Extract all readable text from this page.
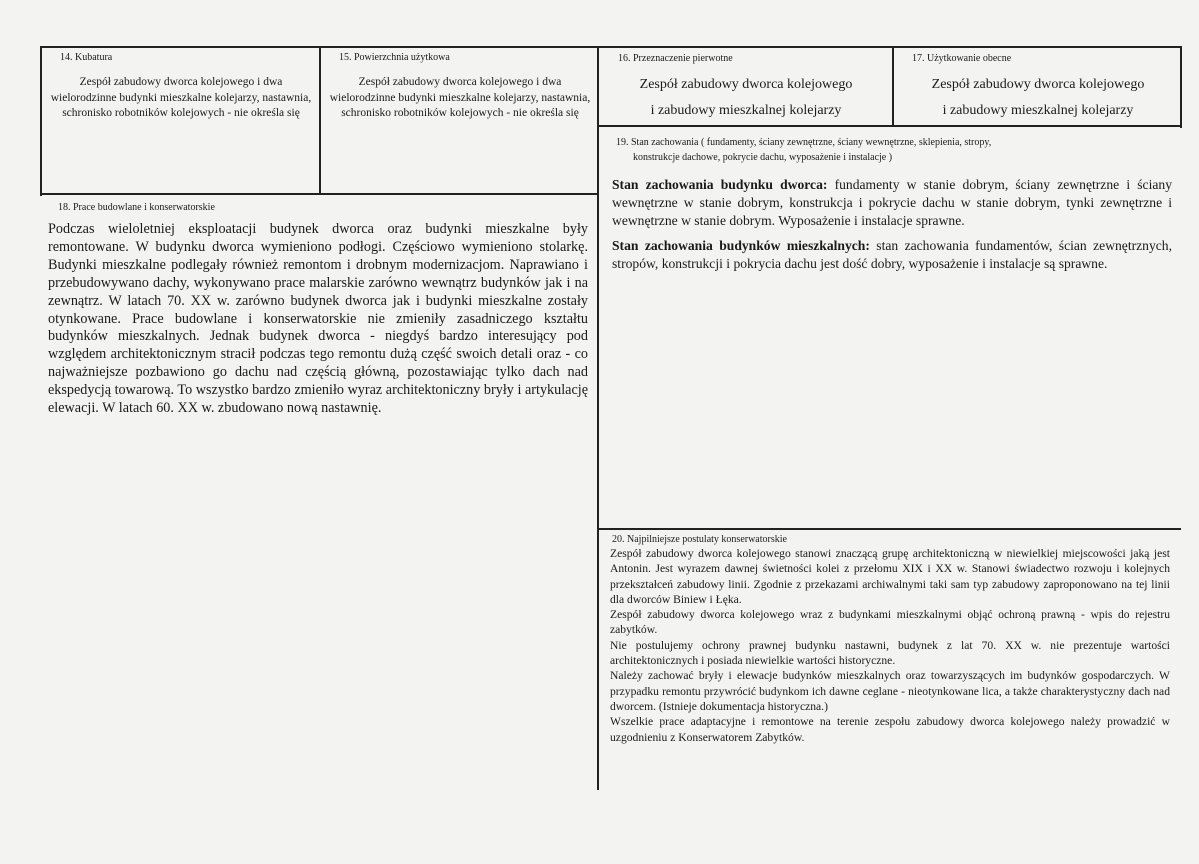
14. Kubatura
Zespół zabudowy dworca kolejowego i dwa wielorodzinne budynki mieszkalne kolejarzy, nastawnia, schronisko robotników kolejowych - nie określa się
15. Powierzchnia użytkowa
Zespół zabudowy dworca kolejowego i dwa wielorodzinne budynki mieszkalne kolejarzy, nastawnia, schronisko robotników kolejowych - nie określa się
16. Przeznaczenie pierwotne
Zespół zabudowy dworca kolejowego
i zabudowy mieszkalnej kolejarzy
17. Użytkowanie obecne
Zespół zabudowy dworca kolejowego
i zabudowy mieszkalnej kolejarzy
18. Prace budowlane i konserwatorskie
Podczas wieloletniej eksploatacji budynek dworca oraz budynki mieszkalne były remontowane. W budynku dworca wymieniono podłogi. Częściowo wymieniono stolarkę. Budynki mieszkalne podlegały również remontom i drobnym modernizacjom. Naprawiano i przebudowywano dachy, wykonywano prace malarskie zarówno wewnątrz budynków jak i na zewnątrz. W latach 70. XX w. zarówno budynek dworca jak i budynki mieszkalne zostały otynkowane. Prace budowlane i konserwatorskie nie zmieniły zasadniczego kształtu budynków mieszkalnych. Jednak budynek dworca - niegdyś bardzo interesujący pod względem architektonicznym stracił podczas tego remontu dużą część swoich detali oraz - co najważniejsze pozbawiono go dachu nad częścią główną, pozostawiając tylko dach nad ekspedycją towarową. To wszystko bardzo zmieniło wyraz architektoniczny bryły i artykulację elewacji. W latach 60. XX w. zbudowano nową nastawnię.
19. Stan zachowania ( fundamenty, ściany zewnętrzne, ściany wewnętrzne, sklepienia, stropy,
konstrukcje dachowe, pokrycie dachu, wyposażenie i instalacje )

Stan zachowania budynku dworca: fundamenty w stanie dobrym, ściany zewnętrzne i ściany wewnętrzne w stanie dobrym, konstrukcja i pokrycie dachu w stanie dobrym, tynki zewnętrzne i wewnętrzne w stanie dobrym. Wyposażenie i instalacje sprawne.

Stan zachowania budynków mieszkalnych: stan zachowania fundamentów, ścian zewnętrznych, stropów, konstrukcji i pokrycia dachu jest dość dobry, wyposażenie i instalacje są sprawne.

20. Najpilniejsze postulaty konserwatorskie

Zespół zabudowy dworca kolejowego stanowi znaczącą grupę architektoniczną w niewielkiej miejscowości jaką jest Antonin. Jest wyrazem dawnej świetności kolei z przełomu XIX i XX w. Stanowi świadectwo rozwoju i kolejnych przekształceń zabudowy linii. Zgodnie z przekazami archiwalnymi taki sam typ zabudowy zaproponowano na tej linii dla dworców Biniew i Łęka.

Zespół zabudowy dworca kolejowego wraz z budynkami mieszkalnymi objąć ochroną prawną - wpis do rejestru zabytków.

Nie postulujemy ochrony prawnej budynku nastawni, budynek z lat 70. XX w. nie prezentuje wartości architektonicznych i posiada niewielkie wartości historyczne.

Należy zachować bryły i elewacje budynków mieszkalnych oraz towarzyszących im budynków gospodarczych. W przypadku remontu przywrócić budynkom ich dawne ceglane - nieotynkowane lica, a także charakterystyczny dach nad dworcem. (Istnieje dokumentacja historyczna.)

Wszelkie prace adaptacyjne i remontowe na terenie zespołu zabudowy dworca kolejowego należy prowadzić w uzgodnieniu z Konserwatorem Zabytków.
